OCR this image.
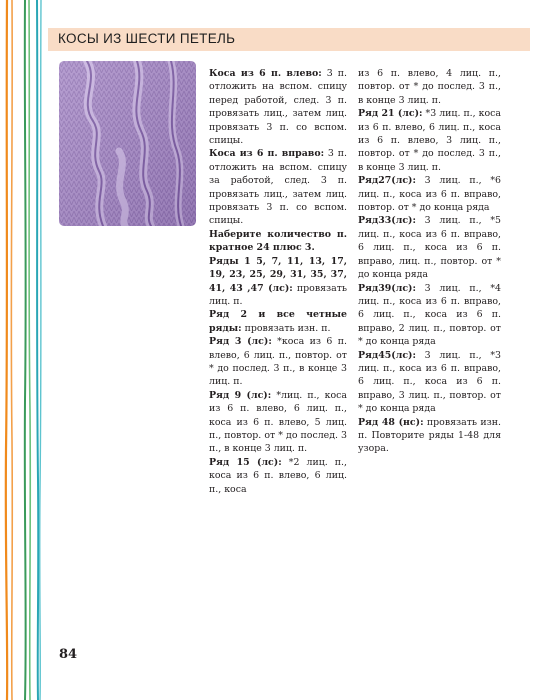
КОСЫ ИЗ ШЕСТИ ПЕТЕЛЬ

Коса из 6 п. влево: 3 п. отложить на вспом. спицу перед работой, след. 3 п. провязать лиц., затем лиц. провязать 3 п. со вспом. спицы.

Коса из 6 п. вправо: 3 п. отложить на вспом. спицу за работой, след. 3 п. провязать лиц., затем лиц. провязать 3 п. со вспом. спицы.

Наберите количество п. кратное 24 плюс 3.

Ряды 1 5, 7, 11, 13, 17, 19, 23, 25, 29, 31, 35, 37, 41, 43 ,47 (лс): провязать лиц. п.

Ряд 2 и все четные ряды: провязать изн. п.

Ряд 3 (лс): *коса из 6 п. влево, 6 лиц. п., повтор. от * до послед. 3 п., в конце 3 лиц. п.

Ряд 9 (лс): *лиц. п., коса из 6 п. влево, 6 лиц. п., коса из 6 п. влево, 5 лиц. п., повтор. от * до послед. 3 п., в конце 3 лиц. п.

Ряд 15 (лс): *2 лиц. п., коса из 6 п. влево, 6 лиц. п., коса

из 6 п. влево, 4 лиц. п., повтор. от * до послед. 3 п., в конце 3 лиц. п.

Ряд 21 (лс): *3 лиц. п., коса из 6 п. влево, 6 лиц. п., коса из 6 п. влево, 3 лиц. п., повтор. от * до послед. 3 п., в конце 3 лиц. п.

Ряд27(лс): 3 лиц. п., *6 лиц. п., коса из 6 п. вправо, повтор. от * до конца ряда

Ряд33(лс): 3 лиц. п., *5 лиц. п., коса из 6 п. вправо, 6 лиц. п., коса из 6 п. вправо, лиц. п., повтор. от * до конца ряда

Ряд39(лс): 3 лиц. п., *4 лиц. п., коса из 6 п. вправо, 6 лиц. п., коса из 6 п. вправо, 2 лиц. п., повтор. от * до конца ряда

Ряд45(лс): 3 лиц. п., *3 лиц. п., коса из 6 п. вправо, 6 лиц. п., коса из 6 п. вправо, 3 лиц. п., повтор. от * до конца ряда

Ряд 48 (нс): провязать изн. п. Повторите ряды 1-48 для узора.

84
